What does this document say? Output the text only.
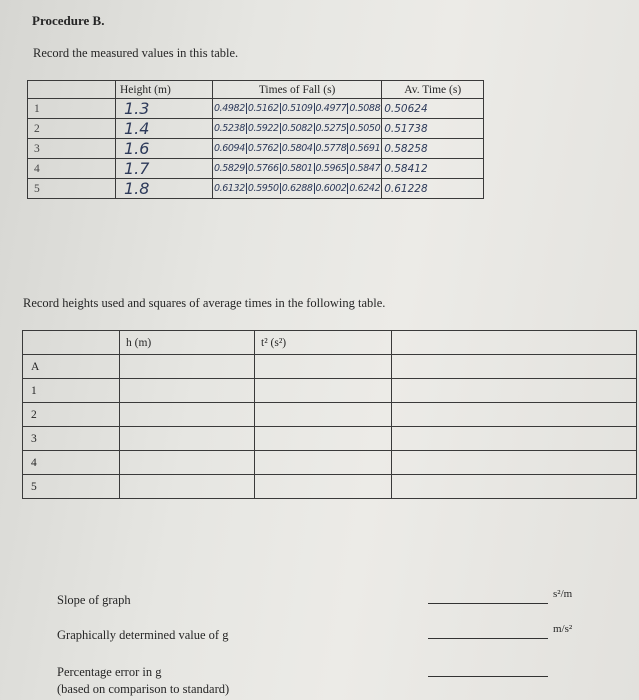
Procedure B.
Record the measured values in this table.
	Height (m)	Times of Fall (s)	Av. Time (s)
1	1.3	0.4982 0.5162 0.5109 0.4977 0.5088	0.50624
2	1.4	0.5238 0.5922 0.5082 0.5275 0.5050	0.51738
3	1.6	0.6094 0.5762 0.5804 0.5778 0.5691	0.58258
4	1.7	0.5829 0.5766 0.5801 0.5965 0.5847	0.58412
5	1.8	0.6132 0.5950 0.6288 0.6002 0.6242	0.61228
Record heights used and squares of average times in the following table.
	h (m)	t² (s²)	
A			
1			
2			
3			
4			
5			
Slope of graph	s²/m
Graphically determined value of g	m/s²
Percentage error in g
(based on comparison to standard)
